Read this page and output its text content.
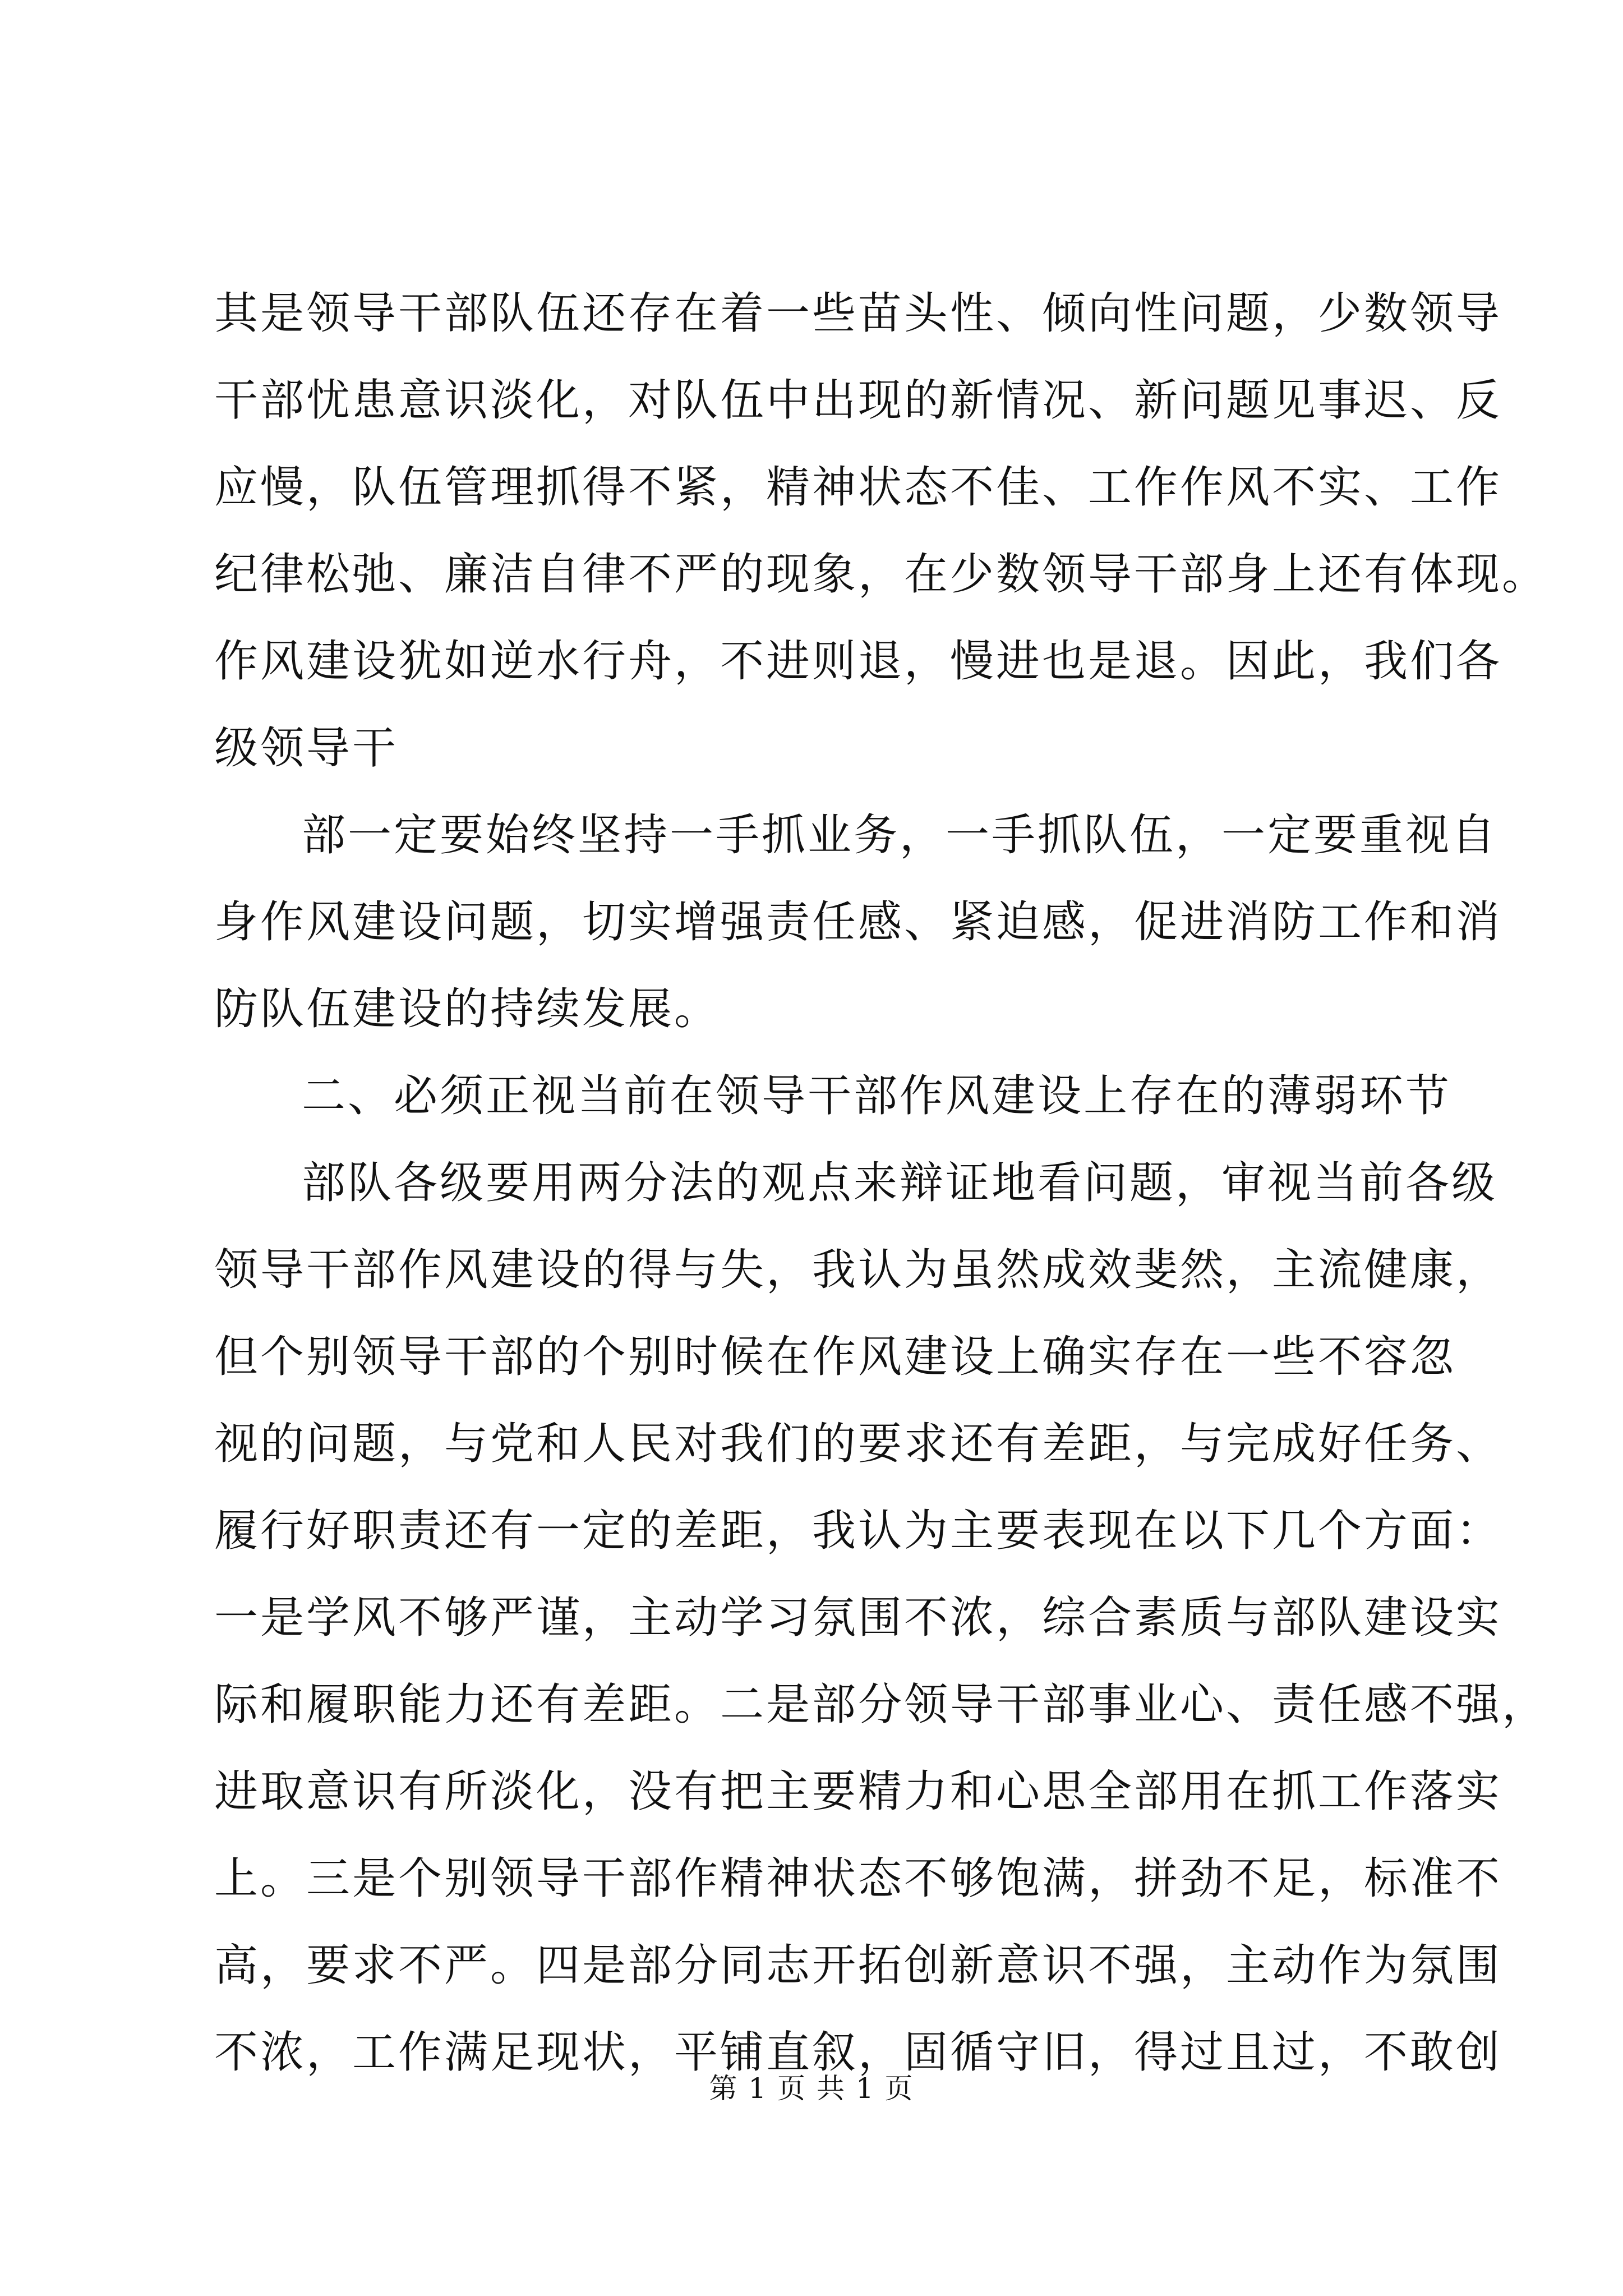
其是领导干部队伍还存在着一些苗头性、倾向性问题，少数领导
干部忧患意识淡化，对队伍中出现的新情况、新问题见事迟、反
应慢，队伍管理抓得不紧，精神状态不佳、工作作风不实、工作
纪律松弛、廉洁自律不严的现象，在少数领导干部身上还有体现。
作风建设犹如逆水行舟，不进则退，慢进也是退。因此，我们各
级领导干
部一定要始终坚持一手抓业务，一手抓队伍，一定要重视自
身作风建设问题，切实增强责任感、紧迫感，促进消防工作和消
防队伍建设的持续发展。
二、必须正视当前在领导干部作风建设上存在的薄弱环节
部队各级要用两分法的观点来辩证地看问题，审视当前各级
领导干部作风建设的得与失，我认为虽然成效斐然，主流健康，
但个别领导干部的个别时候在作风建设上确实存在一些不容忽
视的问题，与党和人民对我们的要求还有差距，与完成好任务、
履行好职责还有一定的差距，我认为主要表现在以下几个方面：
一是学风不够严谨，主动学习氛围不浓，综合素质与部队建设实
际和履职能力还有差距。二是部分领导干部事业心、责任感不强，
进取意识有所淡化，没有把主要精力和心思全部用在抓工作落实
上。三是个别领导干部作精神状态不够饱满，拼劲不足，标准不
高，要求不严。四是部分同志开拓创新意识不强，主动作为氛围
不浓，工作满足现状，平铺直叙，固循守旧，得过且过，不敢创
第 1 页 共 1 页
